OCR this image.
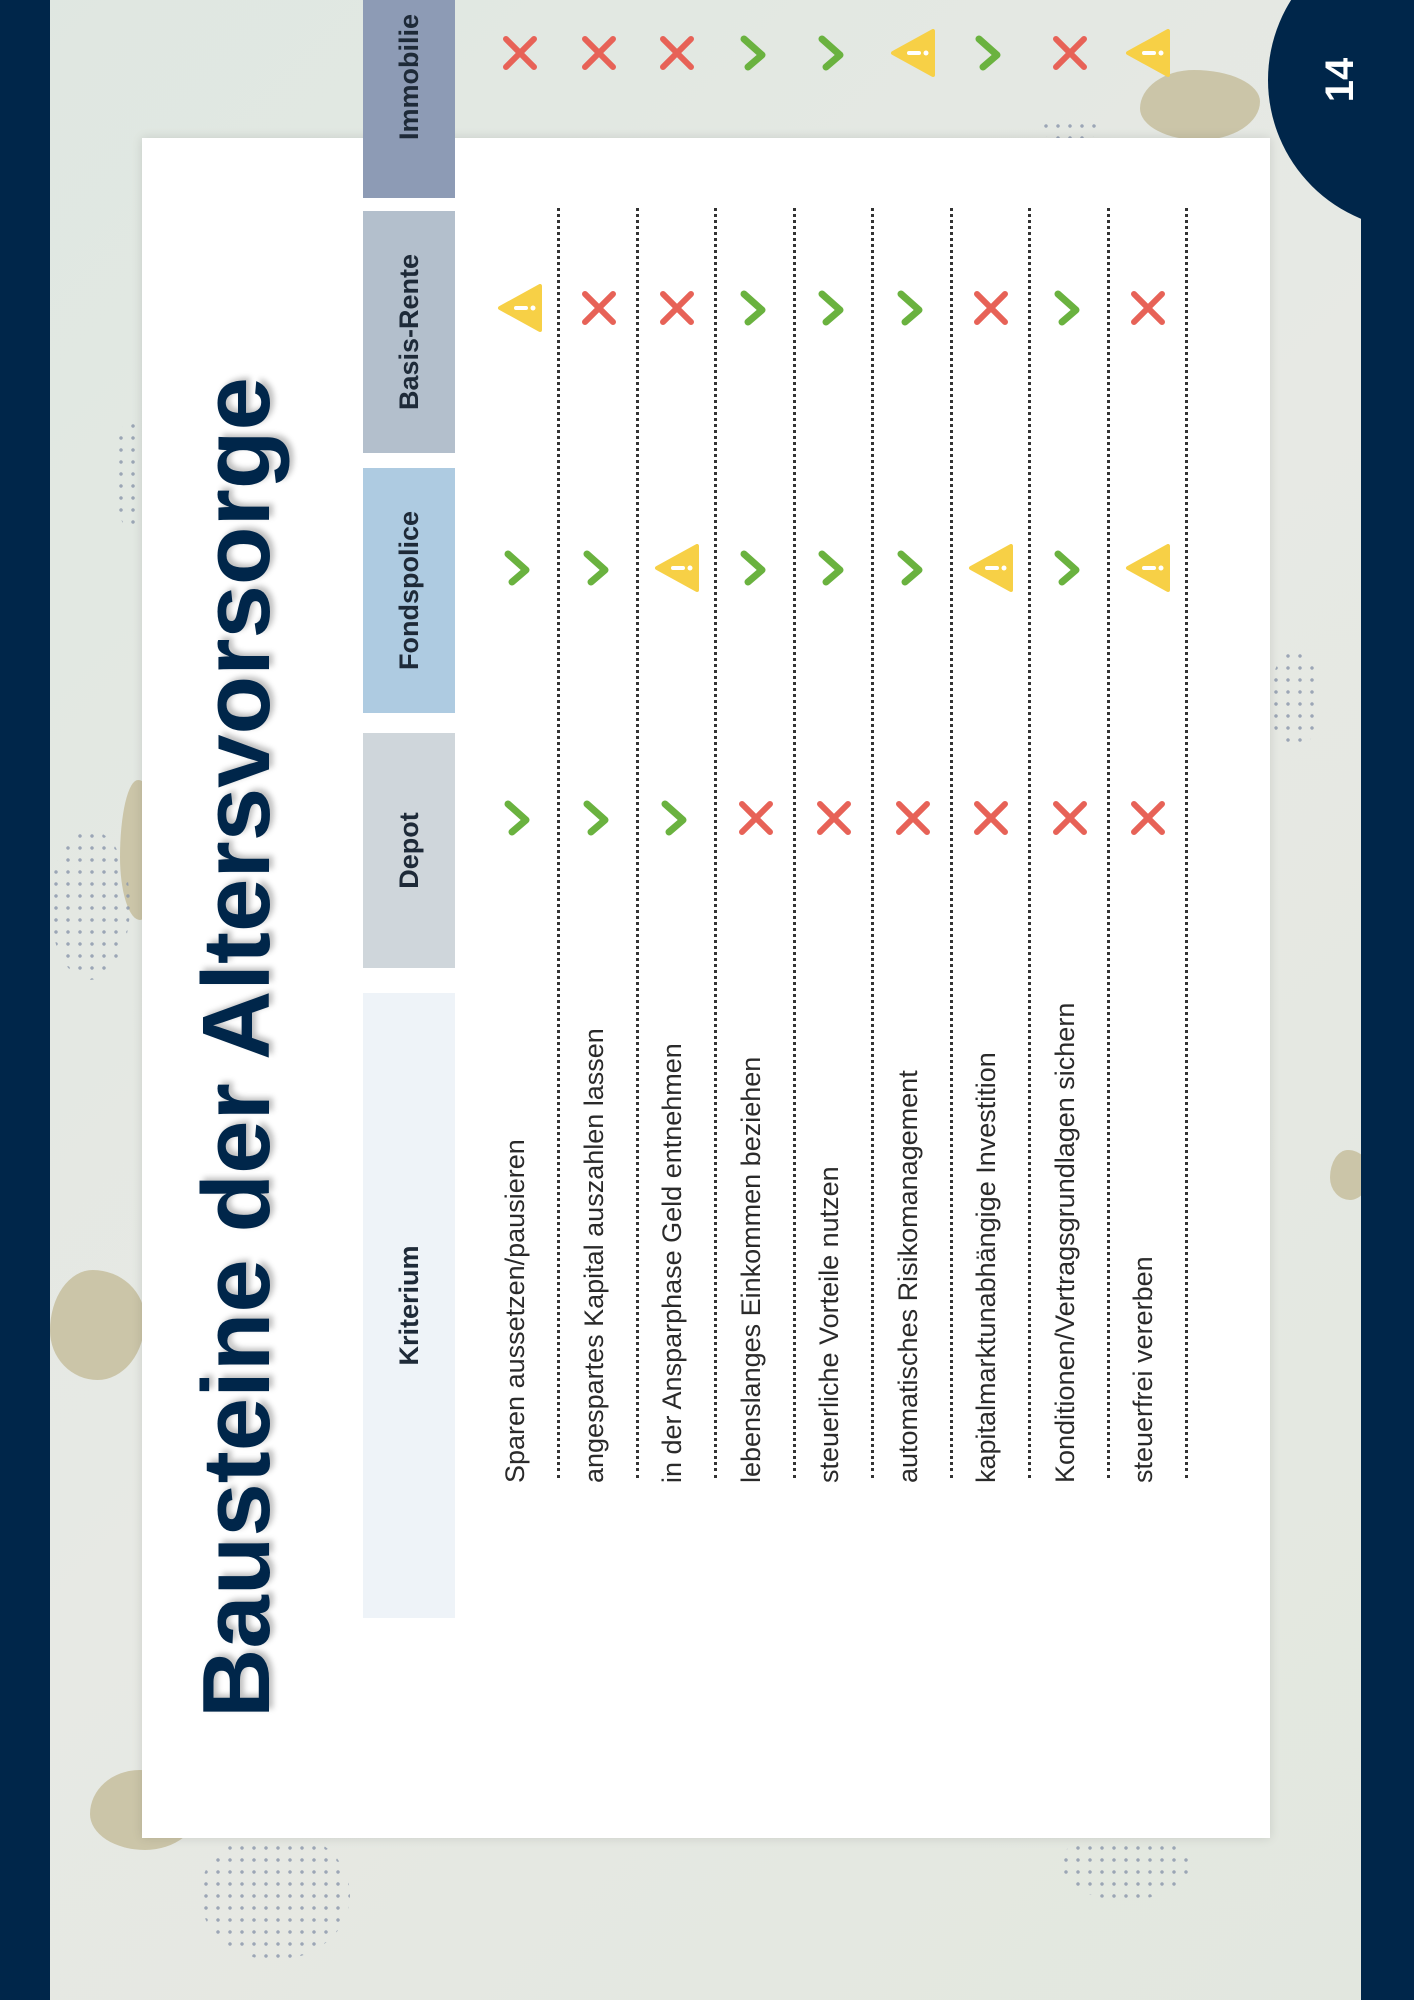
14
Bausteine der Altersvorsorge	Kriterium
Depot
Fondspolice
Basis-Rente
Immobilie
Sparen aussetzen/pausieren angespartes Kapital auszahlen lassen in der Ansparphase Geld entnehmen lebenslanges Einkommen beziehen steuerliche Vorteile nutzen automatisches Risikomanagement kapitalmarktunabhängige Investition Konditionen/Vertragsgrundlagen sichern steuerfrei vererben
